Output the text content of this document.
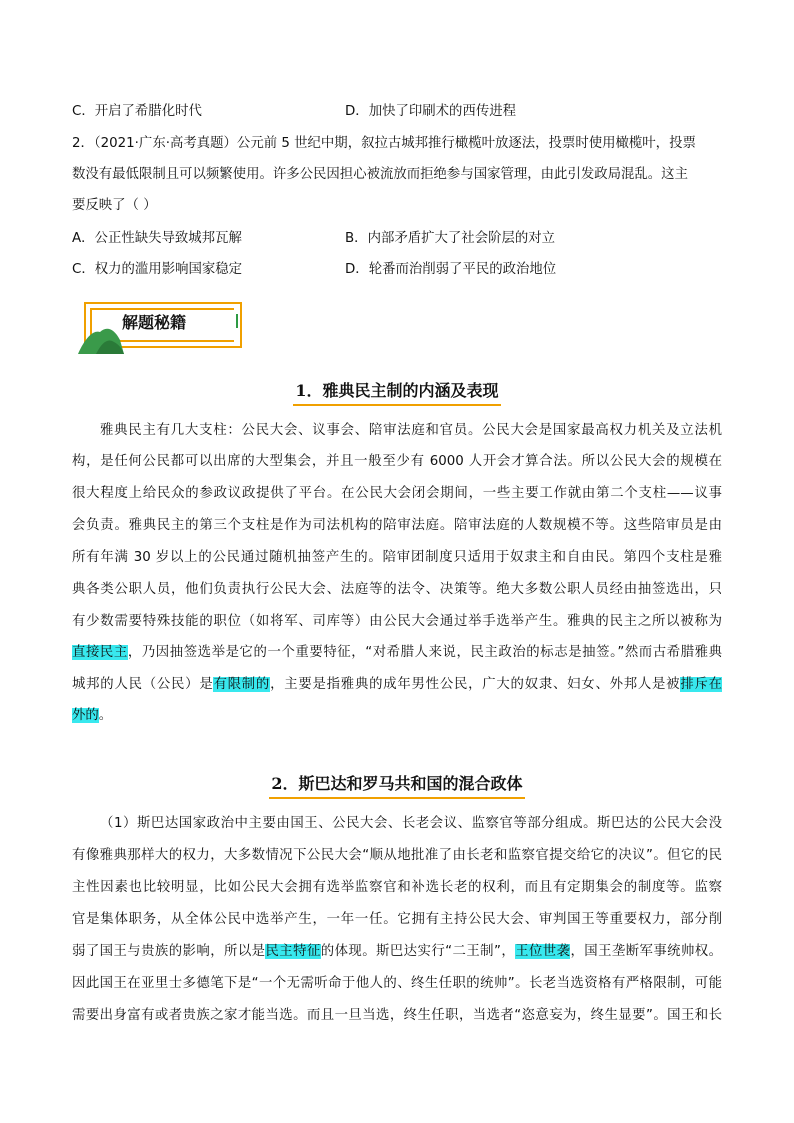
C．开启了希腊化时代	D．加快了印刷术的西传进程
2．（2021·广东·高考真题）公元前 5 世纪中期，叙拉古城邦推行橄榄叶放逐法，投票时使用橄榄叶，投票
数没有最低限制且可以频繁使用。许多公民因担心被流放而拒绝参与国家管理，由此引发政局混乱。这主
要反映了（ ）
A．公正性缺失导致城邦瓦解	B．内部矛盾扩大了社会阶层的对立
C．权力的滥用影响国家稳定	D．轮番而治削弱了平民的政治地位
解题秘籍
1．雅典民主制的内涵及表现
雅典民主有几大支柱：公民大会、议事会、陪审法庭和官员。公民大会是国家最高权力机关及立法机
构，是任何公民都可以出席的大型集会，并且一般至少有 6000 人开会才算合法。所以公民大会的规模在
很大程度上给民众的参政议政提供了平台。在公民大会闭会期间，一些主要工作就由第二个支柱——议事
会负责。雅典民主的第三个支柱是作为司法机构的陪审法庭。陪审法庭的人数规模不等。这些陪审员是由
所有年满 30 岁以上的公民通过随机抽签产生的。陪审团制度只适用于奴隶主和自由民。第四个支柱是雅
典各类公职人员，他们负责执行公民大会、法庭等的法令、决策等。绝大多数公职人员经由抽签选出，只
有少数需要特殊技能的职位（如将军、司库等）由公民大会通过举手选举产生。雅典的民主之所以被称为
直接民主，乃因抽签选举是它的一个重要特征，“对希腊人来说，民主政治的标志是抽签。”然而古希腊雅典
城邦的人民（公民）是有限制的，主要是指雅典的成年男性公民，广大的奴隶、妇女、外邦人是被排斥在
外的。
2．斯巴达和罗马共和国的混合政体
（1）斯巴达国家政治中主要由国王、公民大会、长老会议、监察官等部分组成。斯巴达的公民大会没
有像雅典那样大的权力，大多数情况下公民大会“顺从地批准了由长老和监察官提交给它的决议”。但它的民
主性因素也比较明显，比如公民大会拥有选举监察官和补选长老的权利，而且有定期集会的制度等。监察
官是集体职务，从全体公民中选举产生，一年一任。它拥有主持公民大会、审判国王等重要权力，部分削
弱了国王与贵族的影响，所以是民主特征的体现。斯巴达实行“二王制”，王位世袭，国王垄断军事统帅权。
因此国王在亚里士多德笔下是“一个无需听命于他人的、终生任职的统帅”。长老当选资格有严格限制，可能
需要出身富有或者贵族之家才能当选。而且一旦当选，终生任职，当选者“恣意妄为，终生显要”。国王和长
